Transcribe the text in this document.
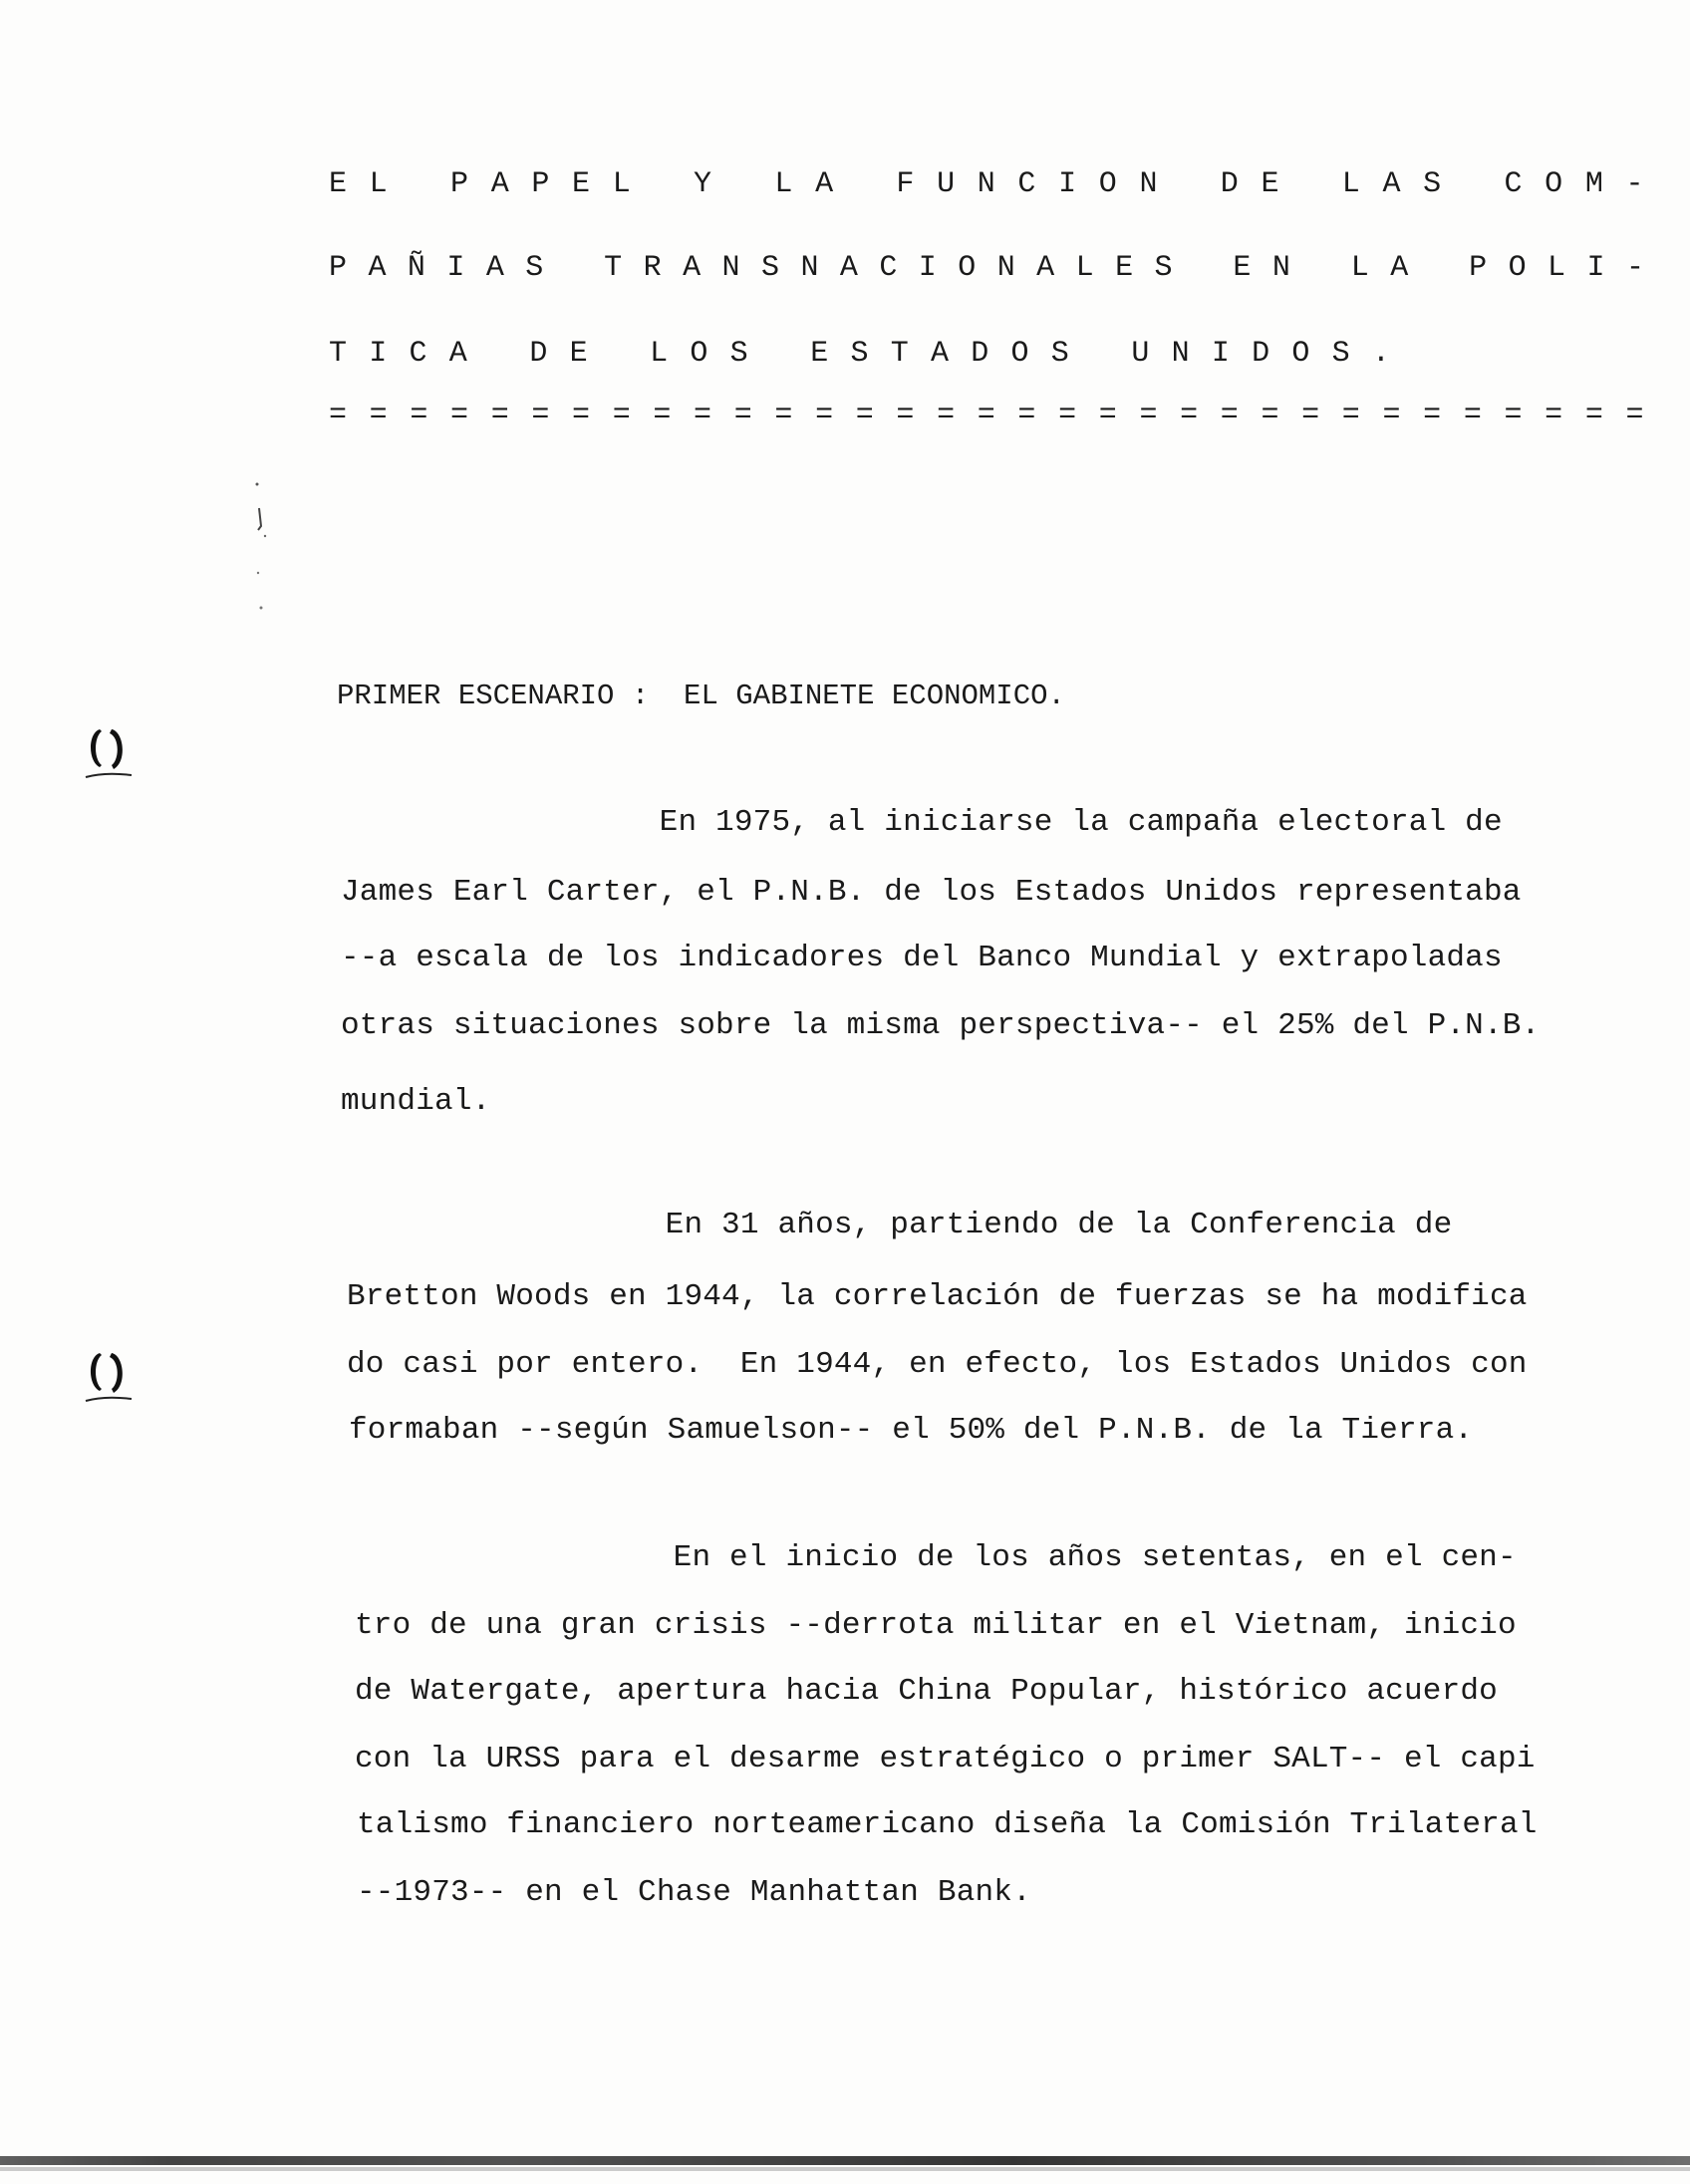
E L
P A P E L
Y
L A
F U N C I O N
D E
L A S
C O M -
P A Ñ I A S
T R A N S N A C I O N A L E S
E N
L A
P O L I -
T I C A
D E
L O S
E S T A D O S
U N I D O S .
= = = = = = = = = = = = = = = = = = = = = = = = = = = = = = = = =
PRIMER ESCENARIO :  EL GABINETE ECONOMICO.
En 1975, al iniciarse la campaña electoral de
James Earl Carter, el P.N.B. de los Estados Unidos representaba
--a escala de los indicadores del Banco Mundial y extrapoladas
otras situaciones sobre la misma perspectiva-- el 25% del P.N.B.
mundial.
En 31 años, partiendo de la Conferencia de
Bretton Woods en 1944, la correlación de fuerzas se ha modifica
do casi por entero.  En 1944, en efecto, los Estados Unidos con
formaban --según Samuelson-- el 50% del P.N.B. de la Tierra.
En el inicio de los años setentas, en el cen-
tro de una gran crisis --derrota militar en el Vietnam, inicio
de Watergate, apertura hacia China Popular, histórico acuerdo
con la URSS para el desarme estratégico o primer SALT-- el capi
talismo financiero norteamericano diseña la Comisión Trilateral
--1973-- en el Chase Manhattan Bank.
